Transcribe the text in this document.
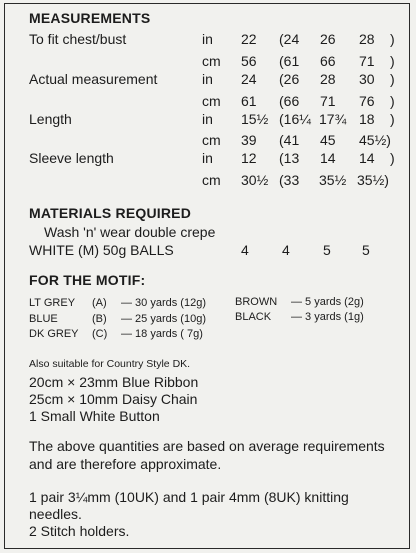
MEASUREMENTS
To fit chest/bust	in 22 (24 26 28 )
cm 56 (61 66 71 )
Actual measurement	in 24 (26 28 30 )
cm 61 (66 71 76 )
Length	in 15½ (16¼ 17¾ 18 )
cm 39 (41 45 45½)
Sleeve length	in 12 (13 14 14 )
cm 30½ (33 35½ 35½)
MATERIALS REQUIRED
Wash 'n' wear double crepe
WHITE (M) 50g BALLS	4 4 5 5
FOR THE MOTIF:
LT GREY (A) — 30 yards (12g)
BLUE	(B) — 25 yards (10g)
DK GREY (C) — 18 yards ( 7g)
BROWN — 5 yards (2g)
BLACK — 3 yards (1g)
Also suitable for Country Style DK.
20cm × 23mm Blue Ribbon
25cm × 10mm Daisy Chain
1 Small White Button
The above quantities are based on average requirements
and are therefore approximate.
1 pair 3¼mm (10UK) and 1 pair 4mm (8UK) knitting
needles.
2 Stitch holders.
